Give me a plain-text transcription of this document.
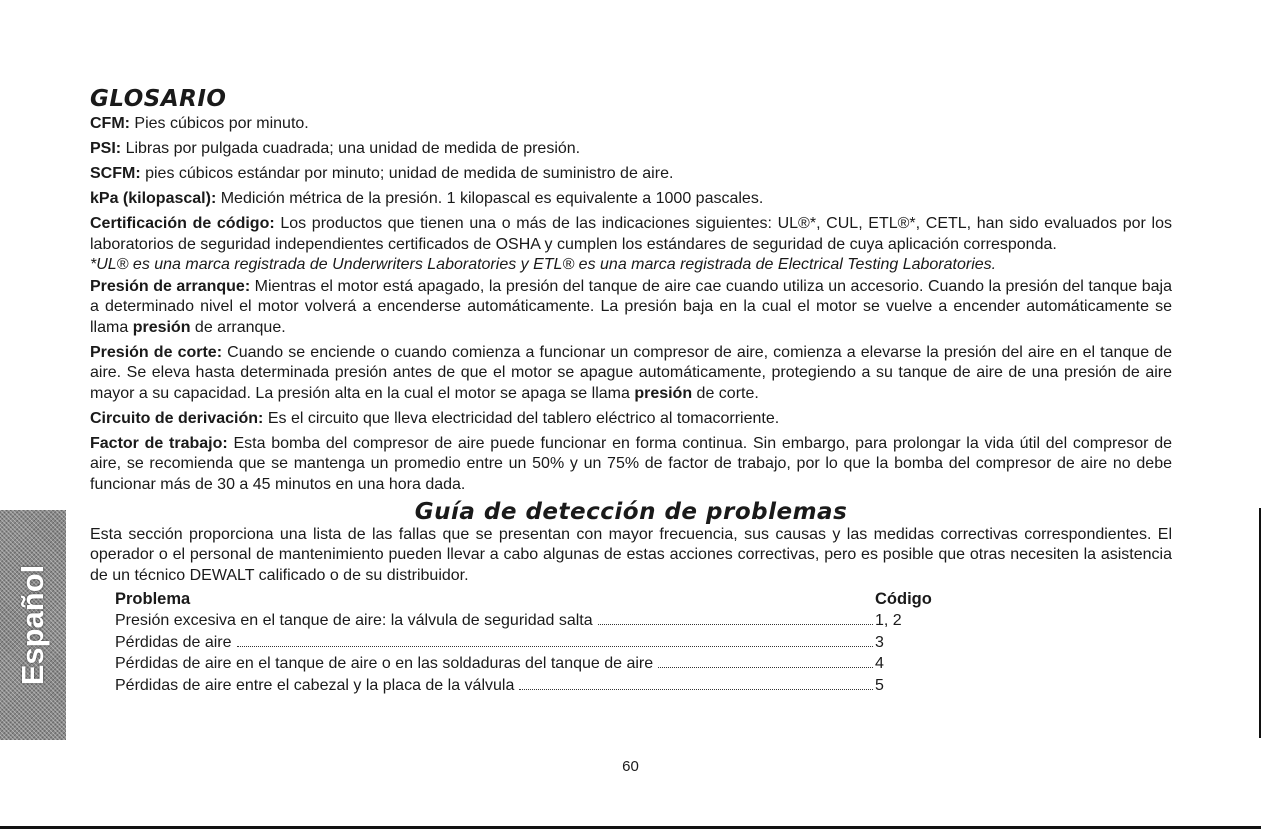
Español
GLOSARIO

CFM: Pies cúbicos por minuto.

PSI: Libras por pulgada cuadrada; una unidad de medida de presión.

SCFM: pies cúbicos estándar por minuto; unidad de medida de suministro de aire.

kPa (kilopascal): Medición métrica de la presión. 1 kilopascal es equivalente a 1000 pascales.

Certificación de código: Los productos que tienen una o más de las indicaciones siguientes: UL®*, CUL, ETL®*, CETL, han sido evaluados por los laboratorios de seguridad independientes certificados de OSHA y cumplen los estándares de seguridad de cuya aplicación corresponda.

*UL® es una marca registrada de Underwriters Laboratories y ETL® es una marca registrada de Electrical Testing Laboratories.

Presión de arranque: Mientras el motor está apagado, la presión del tanque de aire cae cuando utiliza un accesorio. Cuando la presión del tanque baja a determinado nivel el motor volverá a encenderse automáticamente. La presión baja en la cual el motor se vuelve a encender automáticamente se llama presión de arranque.

Presión de corte: Cuando se enciende o cuando comienza a funcionar un compresor de aire, comienza a elevarse la presión del aire en el tanque de aire. Se eleva hasta determinada presión antes de que el motor se apague automáticamente, protegiendo a su tanque de aire de una presión de aire mayor a su capacidad. La presión alta en la cual el motor se apaga se llama presión de corte.

Circuito de derivación: Es el circuito que lleva electricidad del tablero eléctrico al tomacorriente.

Factor de trabajo: Esta bomba del compresor de aire puede funcionar en forma continua. Sin embargo, para prolongar la vida útil del compresor de aire, se recomienda que se mantenga un promedio entre un 50% y un 75% de factor de trabajo, por lo que la bomba del compresor de aire no debe funcionar más de 30 a 45 minutos en una hora dada.

Guía de detección de problemas

Esta sección proporciona una lista de las fallas que se presentan con mayor frecuencia, sus causas y las medidas correctivas correspondientes. El operador o el personal de mantenimiento pueden llevar a cabo algunas de estas acciones correctivas, pero es posible que otras necesiten la asistencia de un técnico DEWALT calificado o de su distribuidor.

Problema	Código
Presión excesiva en el tanque de aire: la válvula de seguridad salta	1, 2
Pérdidas de aire	3
Pérdidas de aire en el tanque de aire o en las soldaduras del tanque de aire	4
Pérdidas de aire entre el cabezal y la placa de la válvula	5
60
